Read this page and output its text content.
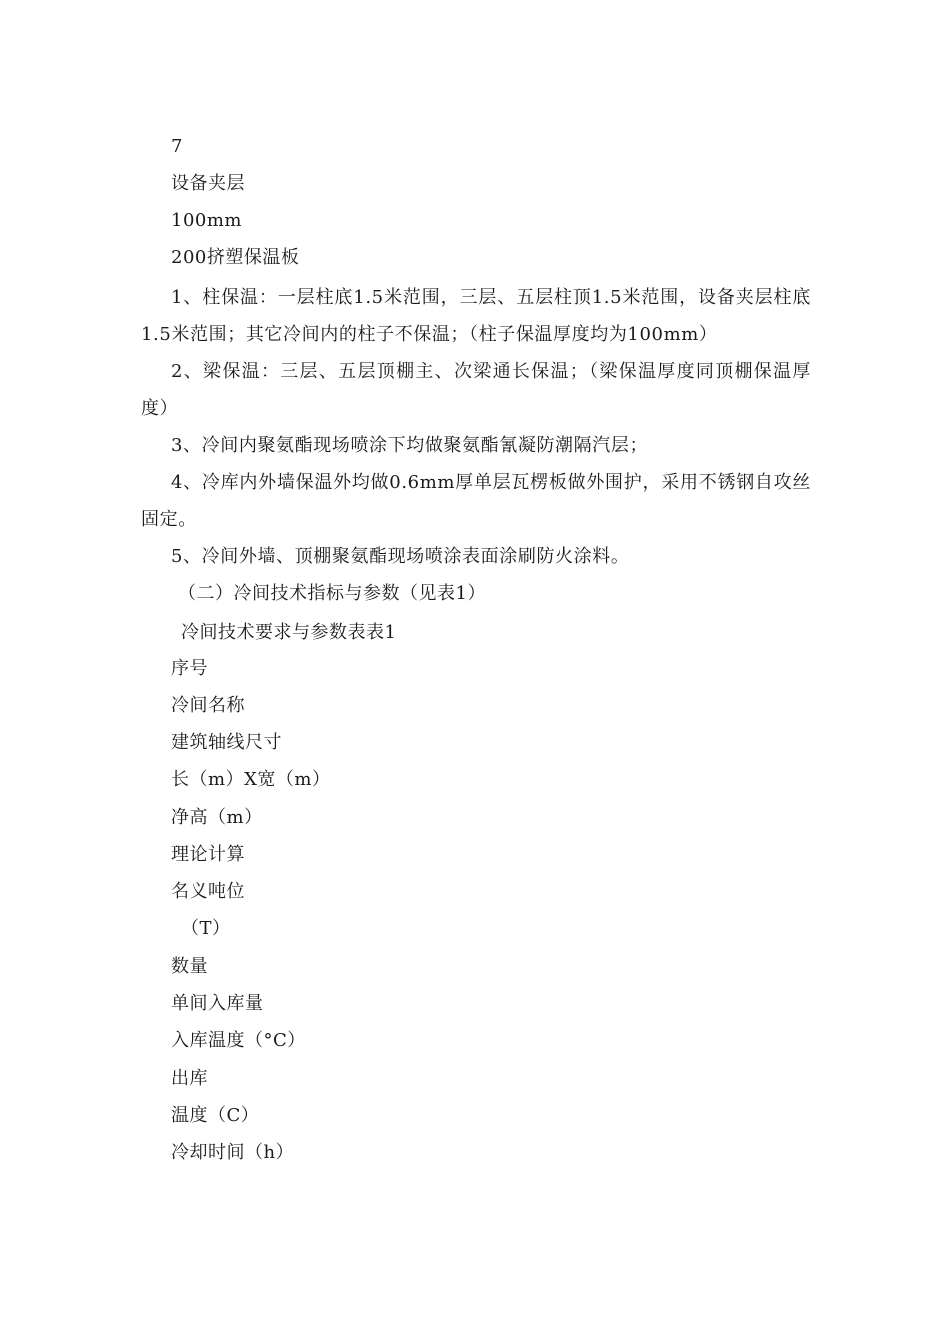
7
设备夹层
100mm
200挤塑保温板
1、柱保温：一层柱底1.5米范围，三层、五层柱顶1.5米范围，设备夹层柱底1.5米范围；其它冷间内的柱子不保温；（柱子保温厚度均为100mm）
2、梁保温：三层、五层顶棚主、次梁通长保温；（梁保温厚度同顶棚保温厚度）
3、冷间内聚氨酯现场喷涂下均做聚氨酯氰凝防潮隔汽层；
4、冷库内外墙保温外均做0.6mm厚单层瓦楞板做外围护，采用不锈钢自攻丝固定。
5、冷间外墙、顶棚聚氨酯现场喷涂表面涂刷防火涂料。
（二）冷间技术指标与参数（见表1）
冷间技术要求与参数表表1
序号
冷间名称
建筑轴线尺寸
长（m）X宽（m）
净高（m）
理论计算
名义吨位
（T）
数量
单间入库量
入库温度（°C）
出库
温度（C）
冷却时间（h）
